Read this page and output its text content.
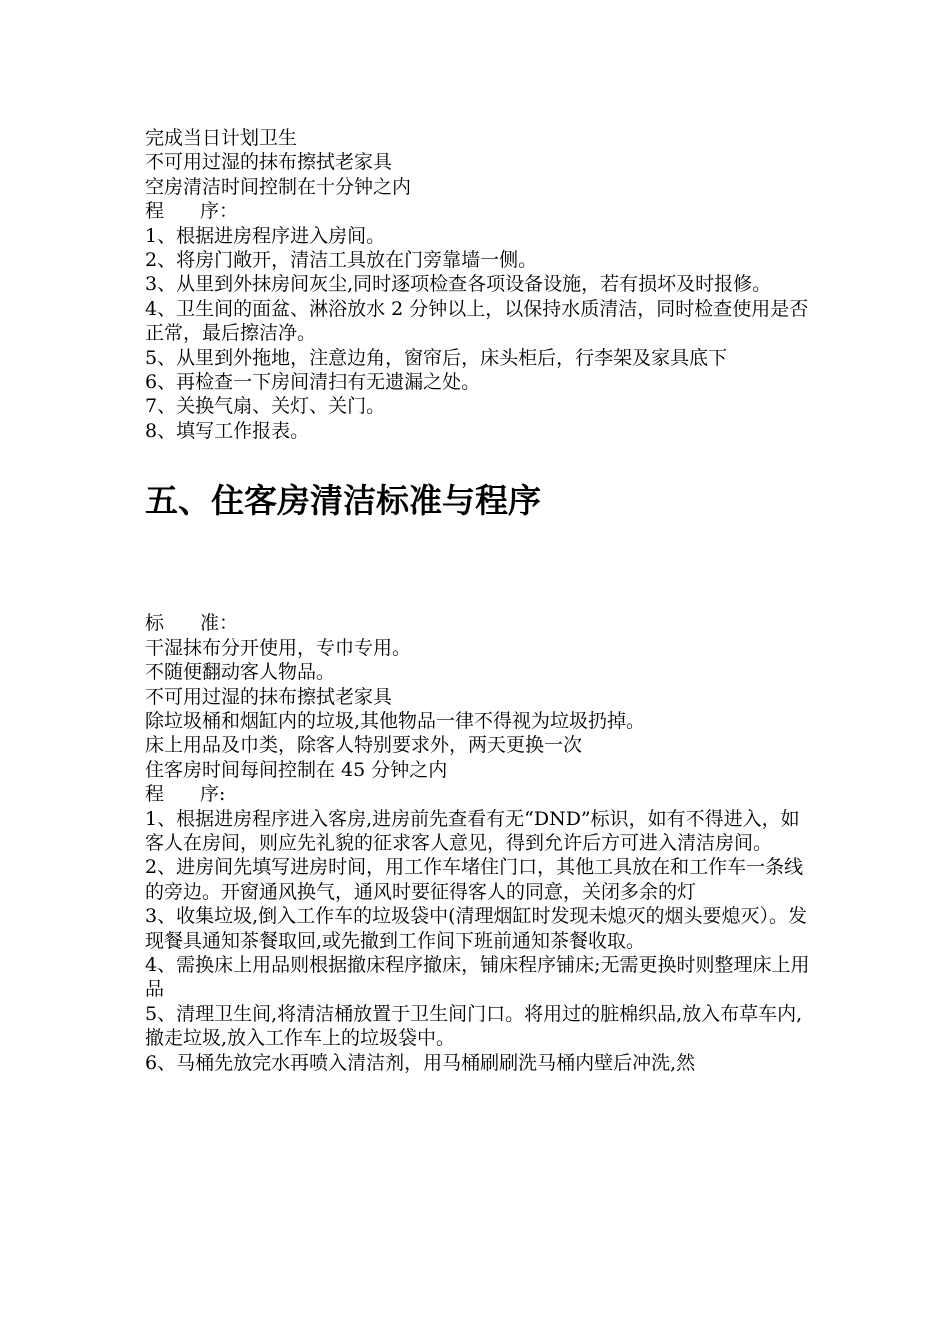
完成当日计划卫生
不可用过湿的抹布擦拭老家具
空房清洁时间控制在十分钟之内
程 序：
1、根据进房程序进入房间。
2、将房门敞开，清洁工具放在门旁靠墙一侧。
3、从里到外抹房间灰尘,同时逐项检查各项设备设施，若有损坏及时报修。
4、卫生间的面盆、淋浴放水 2 分钟以上，以保持水质清洁，同时检查使用是否正常，最后擦洁净。
5、从里到外拖地，注意边角，窗帘后，床头柜后，行李架及家具底下
6、再检查一下房间清扫有无遗漏之处。
7、关换气扇、关灯、关门。
8、填写工作报表。
五、住客房清洁标准与程序
标 准：
干湿抹布分开使用，专巾专用。
不随便翻动客人物品。
不可用过湿的抹布擦拭老家具
除垃圾桶和烟缸内的垃圾,其他物品一律不得视为垃圾扔掉。
床上用品及巾类，除客人特别要求外，两天更换一次
住客房时间每间控制在 45 分钟之内
程 序:
1、根据进房程序进入客房,进房前先查看有无“DND”标识，如有不得进入，如客人在房间，则应先礼貌的征求客人意见，得到允许后方可进入清洁房间。
2、进房间先填写进房时间，用工作车堵住门口，其他工具放在和工作车一条线的旁边。开窗通风换气，通风时要征得客人的同意，关闭多余的灯
3、收集垃圾,倒入工作车的垃圾袋中(清理烟缸时发现未熄灭的烟头要熄灭）。发现餐具通知茶餐取回,或先撤到工作间下班前通知茶餐收取。
4、需换床上用品则根据撤床程序撤床，铺床程序铺床;无需更换时则整理床上用品
5、清理卫生间,将清洁桶放置于卫生间门口。将用过的脏棉织品,放入布草车内,撤走垃圾,放入工作车上的垃圾袋中。
6、马桶先放完水再喷入清洁剂，用马桶刷刷洗马桶内壁后冲洗,然
